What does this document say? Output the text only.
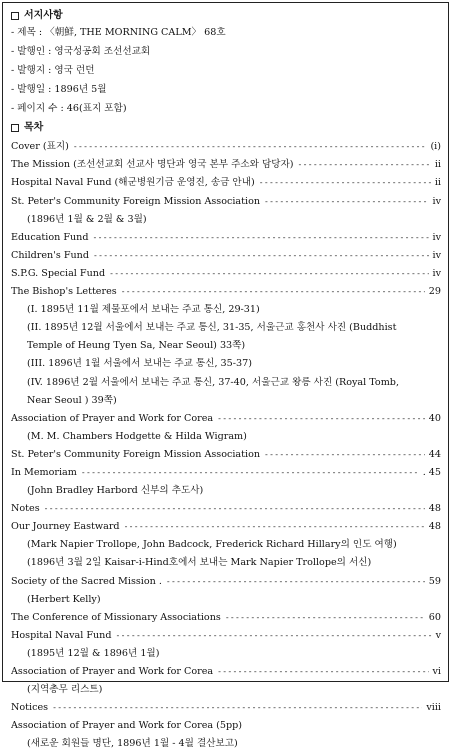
서지사항
- 제목 : 〈朝鮮, THE MORNING CALM〉 68호
- 발행인 : 영국성공회 조선선교회
- 발행지 : 영국 런던
- 발행일 : 1896년 5월
- 페이지 수 : 46(표지 포함)
목차
Cover (표지) -----	(i)
The Mission (조선선교회 선교사 명단과 영국 본부 주소와 담당자) -----	ii
Hospital Naval Fund (해군병원기금 운영진, 송금 안내) -----	ii
St. Peter's Community Foreign Mission Association -----	iv
(1896년 1월 & 2월 & 3월)
Education Fund -----	iv
Children's Fund -----	iv
S.P.G. Special Fund -----	iv
The Bishop's Letteres -----	29
(I. 1895년 11월 제물포에서 보내는 주교 통신, 29-31)
(II. 1895년 12월 서울에서 보내는 주교 통신, 31-35, 서울근교 홍천사 사진 (Buddhist
Temple of Heung Tyen Sa, Near Seoul) 33쪽)
(III. 1896년 1월 서울에서 보내는 주교 통신, 35-37)
(IV. 1896년 2월 서울에서 보내는 주교 통신, 37-40, 서울근교 왕릉 사진 (Royal Tomb,
Near Seoul ) 39쪽)
Association of Prayer and Work for Corea -----	40
(M. M. Chambers Hodgette & Hilda Wigram)
St. Peter's Community Foreign Mission Association -----	44
In Memoriam -----	. 45
(John Bradley Harbord 신부의 추도사)
Notes -----	48
Our Journey Eastward -----	48
(Mark Napier Trollope, John Badcock, Frederick Richard Hillary의 인도 여행)
(1896년 3월 2일 Kaisar-i-Hind호에서 보내는 Mark Napier Trollope의 서신)
Society of the Sacred Mission . -----	59
(Herbert Kelly)
The Conference of Missionary Associations -----	60
Hospital Naval Fund -----	v
(1895년 12월 & 1896년 1월)
Association of Prayer and Work for Corea -----	vi
(지역총무 리스트)
Notices -----	viii
Association of Prayer and Work for Corea (5pp)
(새로운 회원들 명단, 1896년 1월 - 4월 결산보고)
